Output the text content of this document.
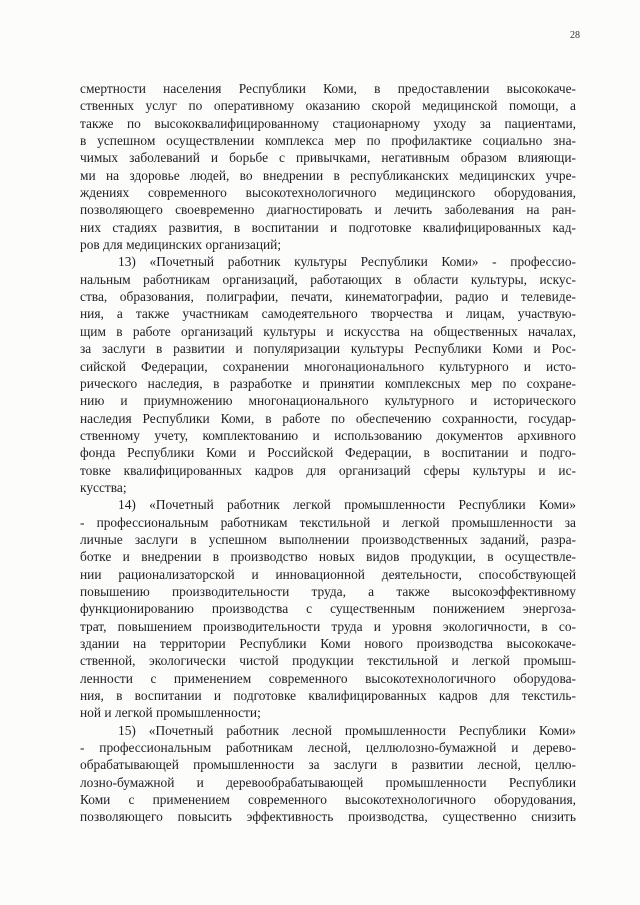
28
смертности населения Республики Коми, в предоставлении высококаче-
ственных услуг по оперативному оказанию скорой медицинской помощи, а
также по высококвалифицированному стационарному уходу за пациентами,
в успешном осуществлении комплекса мер по профилактике социально зна-
чимых заболеваний и борьбе с привычками, негативным образом влияющи-
ми на здоровье людей, во внедрении в республиканских медицинских учре-
ждениях современного высокотехнологичного медицинского оборудования,
позволяющего своевременно диагностировать и лечить заболевания на ран-
них стадиях развития, в воспитании и подготовке квалифицированных кад-
ров для медицинских организаций;
13) «Почетный работник культуры Республики Коми» - профессио-
нальным работникам организаций, работающих в области культуры, искус-
ства, образования, полиграфии, печати, кинематографии, радио и телевиде-
ния, а также участникам самодеятельного творчества и лицам, участвую-
щим в работе организаций культуры и искусства на общественных началах,
за заслуги в развитии и популяризации культуры Республики Коми и Рос-
сийской Федерации, сохранении многонационального культурного и исто-
рического наследия, в разработке и принятии комплексных мер по сохране-
нию и приумножению многонационального культурного и исторического
наследия Республики Коми, в работе по обеспечению сохранности, государ-
ственному учету, комплектованию и использованию документов архивного
фонда Республики Коми и Российской Федерации, в воспитании и подго-
товке квалифицированных кадров для организаций сферы культуры и ис-
кусства;
14) «Почетный работник легкой промышленности Республики Коми»
- профессиональным работникам текстильной и легкой промышленности за
личные заслуги в успешном выполнении производственных заданий, разра-
ботке и внедрении в производство новых видов продукции, в осуществле-
нии рационализаторской и инновационной деятельности, способствующей
повышению производительности труда, а также высокоэффективному
функционированию производства с существенным понижением энергоза-
трат, повышением производительности труда и уровня экологичности, в со-
здании на территории Республики Коми нового производства высококаче-
ственной, экологически чистой продукции текстильной и легкой промыш-
ленности с применением современного высокотехнологичного оборудова-
ния, в воспитании и подготовке квалифицированных кадров для текстиль-
ной и легкой промышленности;
15) «Почетный работник лесной промышленности Республики Коми»
- профессиональным работникам лесной, целлюлозно-бумажной и дерево-
обрабатывающей промышленности за заслуги в развитии лесной, целлю-
лозно-бумажной и деревообрабатывающей промышленности Республики
Коми с применением современного высокотехнологичного оборудования,
позволяющего повысить эффективность производства, существенно снизить
